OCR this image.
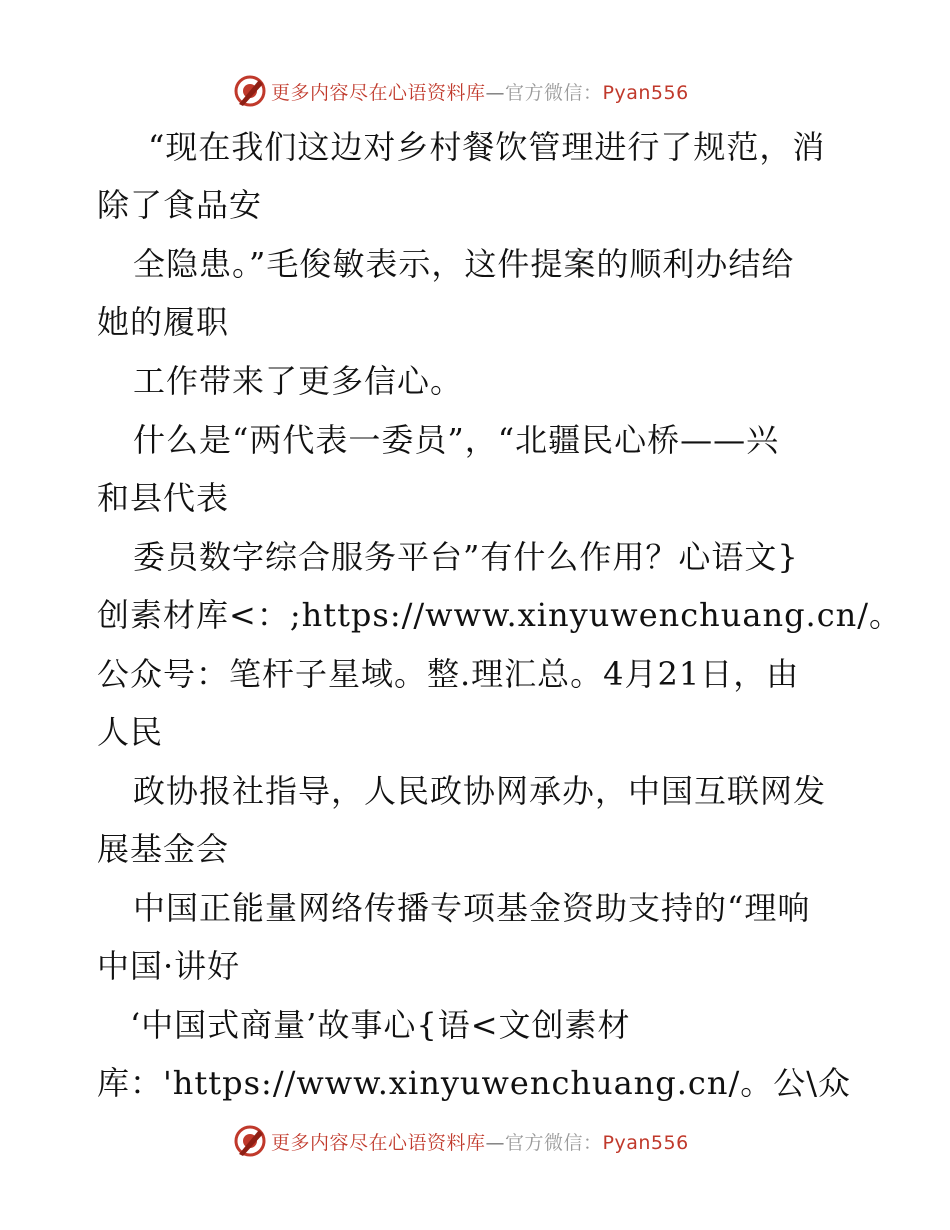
更多内容尽在心语资料库—官方微信：Pyan556
“现在我们这边对乡村餐饮管理进行了规范，消
除了食品安
全隐患。”毛俊敏表示，这件提案的顺利办结给
她的履职
工作带来了更多信心。
什么是“两代表一委员”，“北疆民心桥——兴
和县代表
委员数字综合服务平台”有什么作用？心语文}
创素材库<：;https://www.xinyuwenchuang.cn/。
公众号：笔杆子星域。整.理汇总。4月21日，由
人民
政协报社指导，人民政协网承办，中国互联网发
展基金会
中国正能量网络传播专项基金资助支持的“理响
中国·讲好
‘中国式商量’故事心{语<文创素材
库：'https://www.xinyuwenchuang.cn/。公\众
更多内容尽在心语资料库—官方微信：Pyan556
